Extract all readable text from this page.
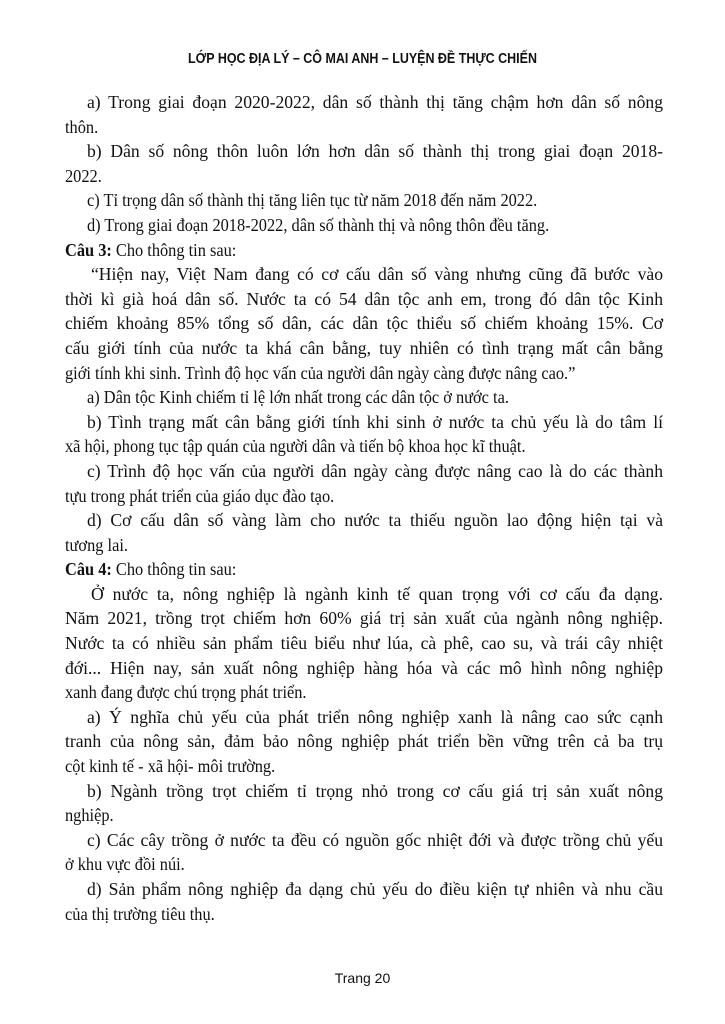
LỚP HỌC ĐỊA LÝ – CÔ MAI ANH – LUYỆN ĐỀ THỰC CHIẾN
a) Trong giai đoạn 2020-2022, dân số thành thị tăng chậm hơn dân số nông
thôn.
b) Dân số nông thôn luôn lớn hơn dân số thành thị trong giai đoạn 2018-
2022.
c) Tỉ trọng dân số thành thị tăng liên tục từ năm 2018 đến năm 2022.
d) Trong giai đoạn 2018-2022, dân số thành thị và nông thôn đều tăng.
Câu 3: Cho thông tin sau:
“Hiện nay, Việt Nam đang có cơ cấu dân số vàng nhưng cũng đã bước vào
thời kì già hoá dân số. Nước ta có 54 dân tộc anh em, trong đó dân tộc Kinh
chiếm khoảng 85% tổng số dân, các dân tộc thiểu số chiếm khoảng 15%. Cơ
cấu giới tính của nước ta khá cân bằng, tuy nhiên có tình trạng mất cân bằng
giới tính khi sinh. Trình độ học vấn của người dân ngày càng được nâng cao.”
a) Dân tộc Kinh chiếm tỉ lệ lớn nhất trong các dân tộc ở nước ta.
b) Tình trạng mất cân bằng giới tính khi sinh ở nước ta chủ yếu là do tâm lí
xã hội, phong tục tập quán của người dân và tiến bộ khoa học kĩ thuật.
c) Trình độ học vấn của người dân ngày càng được nâng cao là do các thành
tựu trong phát triển của giáo dục đào tạo.
d) Cơ cấu dân số vàng làm cho nước ta thiếu nguồn lao động hiện tại và
tương lai.
Câu 4: Cho thông tin sau:
Ở nước ta, nông nghiệp là ngành kinh tế quan trọng với cơ cấu đa dạng.
Năm 2021, trồng trọt chiếm hơn 60% giá trị sản xuất của ngành nông nghiệp.
Nước ta có nhiều sản phẩm tiêu biểu như lúa, cà phê, cao su, và trái cây nhiệt
đới... Hiện nay, sản xuất nông nghiệp hàng hóa và các mô hình nông nghiệp
xanh đang được chú trọng phát triển.
a) Ý nghĩa chủ yếu của phát triển nông nghiệp xanh là nâng cao sức cạnh
tranh của nông sản, đảm bảo nông nghiệp phát triển bền vững trên cả ba trụ
cột kinh tế - xã hội- môi trường.
b) Ngành trồng trọt chiếm tỉ trọng nhỏ trong cơ cấu giá trị sản xuất nông
nghiệp.
c) Các cây trồng ở nước ta đều có nguồn gốc nhiệt đới và được trồng chủ yếu
ở khu vực đồi núi.
d) Sản phẩm nông nghiệp đa dạng chủ yếu do điều kiện tự nhiên và nhu cầu
của thị trường tiêu thụ.
Trang 20
